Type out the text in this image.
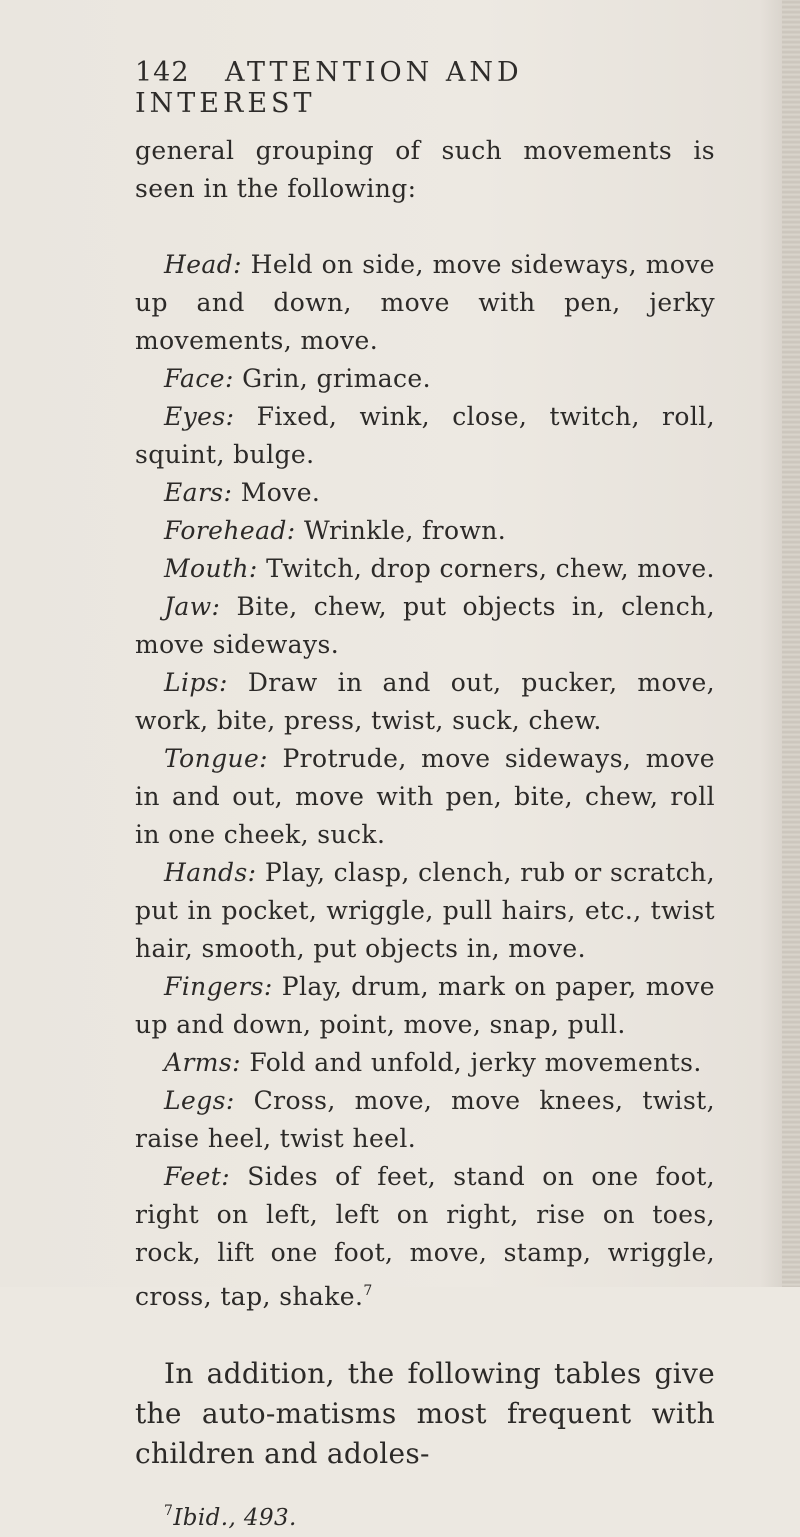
142 ATTENTION AND INTEREST

general grouping of such movements is seen in the following:

Head: Held on side, move sideways, move up and down, move with pen, jerky movements, move.

Face: Grin, grimace.

Eyes: Fixed, wink, close, twitch, roll, squint, bulge.

Ears: Move.

Forehead: Wrinkle, frown.

Mouth: Twitch, drop corners, chew, move.

Jaw: Bite, chew, put objects in, clench, move sideways.

Lips: Draw in and out, pucker, move, work, bite, press, twist, suck, chew.

Tongue: Protrude, move sideways, move in and out, move with pen, bite, chew, roll in one cheek, suck.

Hands: Play, clasp, clench, rub or scratch, put in pocket, wriggle, pull hairs, etc., twist hair, smooth, put objects in, move.

Fingers: Play, drum, mark on paper, move up and down, point, move, snap, pull.

Arms: Fold and unfold, jerky movements.

Legs: Cross, move, move knees, twist, raise heel, twist heel.

Feet: Sides of feet, stand on one foot, right on left, left on right, rise on toes, rock, lift one foot, move, stamp, wriggle, cross, tap, shake.$^7$

In addition, the following tables give the auto-matisms most frequent with children and adoles-

$^7$Ibid., 493.
